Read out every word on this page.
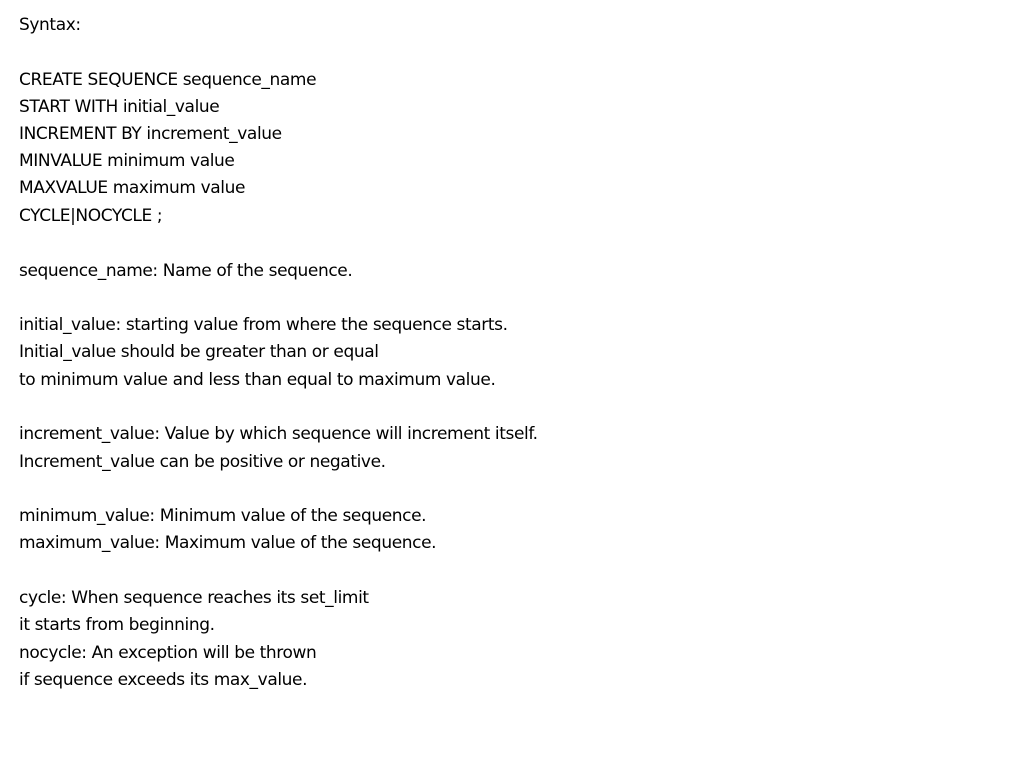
Syntax:

CREATE SEQUENCE sequence_name

START WITH initial_value

INCREMENT BY increment_value

MINVALUE minimum value

MAXVALUE maximum value

CYCLE|NOCYCLE ;

sequence_name: Name of the sequence.

initial_value: starting value from where the sequence starts.

Initial_value should be greater than or equal

to minimum value and less than equal to maximum value.

increment_value: Value by which sequence will increment itself.

Increment_value can be positive or negative.

minimum_value: Minimum value of the sequence.

maximum_value: Maximum value of the sequence.

cycle: When sequence reaches its set_limit

it starts from beginning.

nocycle: An exception will be thrown

if sequence exceeds its max_value.
